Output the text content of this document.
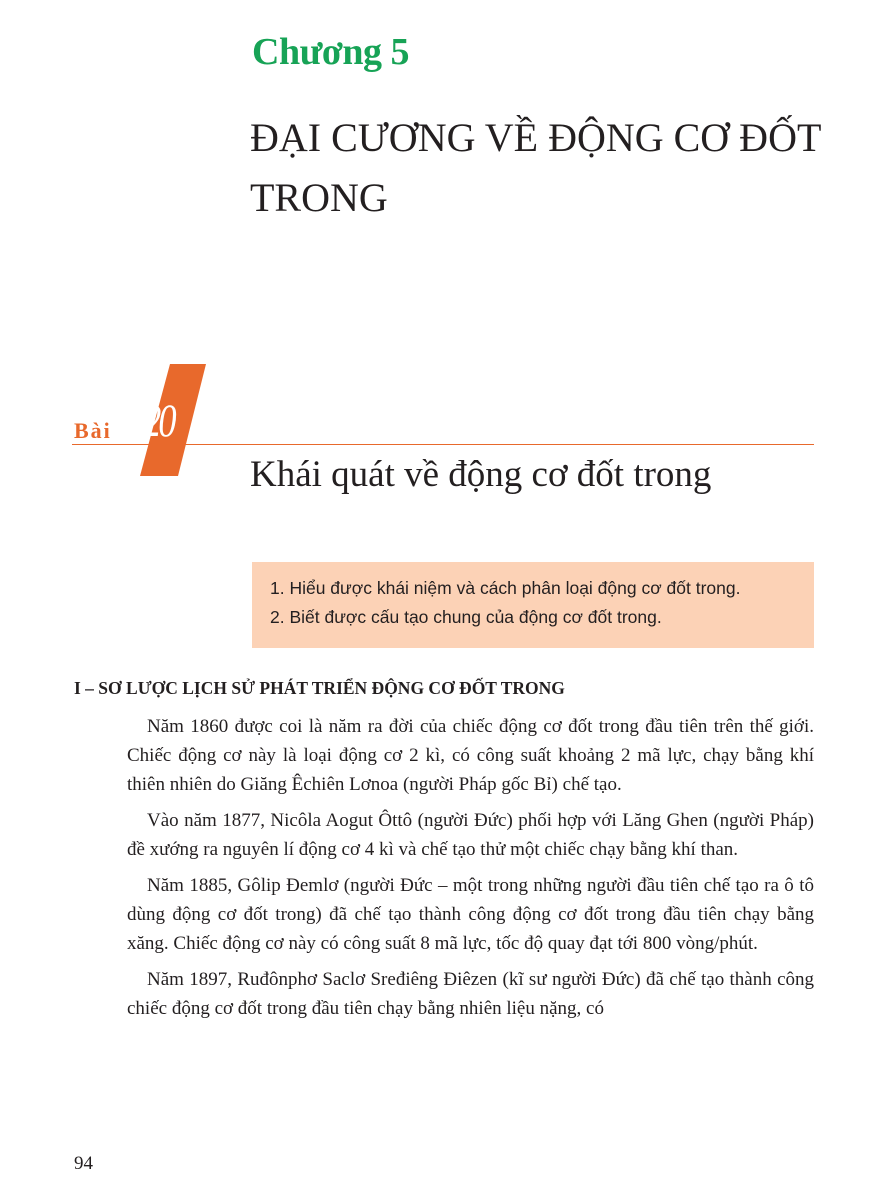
Chương 5
ĐẠI CƯƠNG VỀ ĐỘNG CƠ ĐỐT TRONG
Bài 20
Khái quát về động cơ đốt trong
1. Hiểu được khái niệm và cách phân loại động cơ đốt trong.
2. Biết được cấu tạo chung của động cơ đốt trong.
I – SƠ LƯỢC LỊCH SỬ PHÁT TRIỂN ĐỘNG CƠ ĐỐT TRONG

Năm 1860 được coi là năm ra đời của chiếc động cơ đốt trong đầu tiên trên thế giới. Chiếc động cơ này là loại động cơ 2 kì, có công suất khoảng 2 mã lực, chạy bằng khí thiên nhiên do Giăng Êchiên Lơnoa (người Pháp gốc Bỉ) chế tạo.

Vào năm 1877, Nicôla Aogut Ôttô (người Đức) phối hợp với Lăng Ghen (người Pháp) đề xướng ra nguyên lí động cơ 4 kì và chế tạo thử một chiếc chạy bằng khí than.

Năm 1885, Gôlip Đemlơ (người Đức – một trong những người đầu tiên chế tạo ra ô tô dùng động cơ đốt trong) đã chế tạo thành công động cơ đốt trong đầu tiên chạy bằng xăng. Chiếc động cơ này có công suất 8 mã lực, tốc độ quay đạt tới 800 vòng/phút.

Năm 1897, Ruđônphơ Saclơ Sređiêng Điêzen (kĩ sư người Đức) đã chế tạo thành công chiếc động cơ đốt trong đầu tiên chạy bằng nhiên liệu nặng, có

94
